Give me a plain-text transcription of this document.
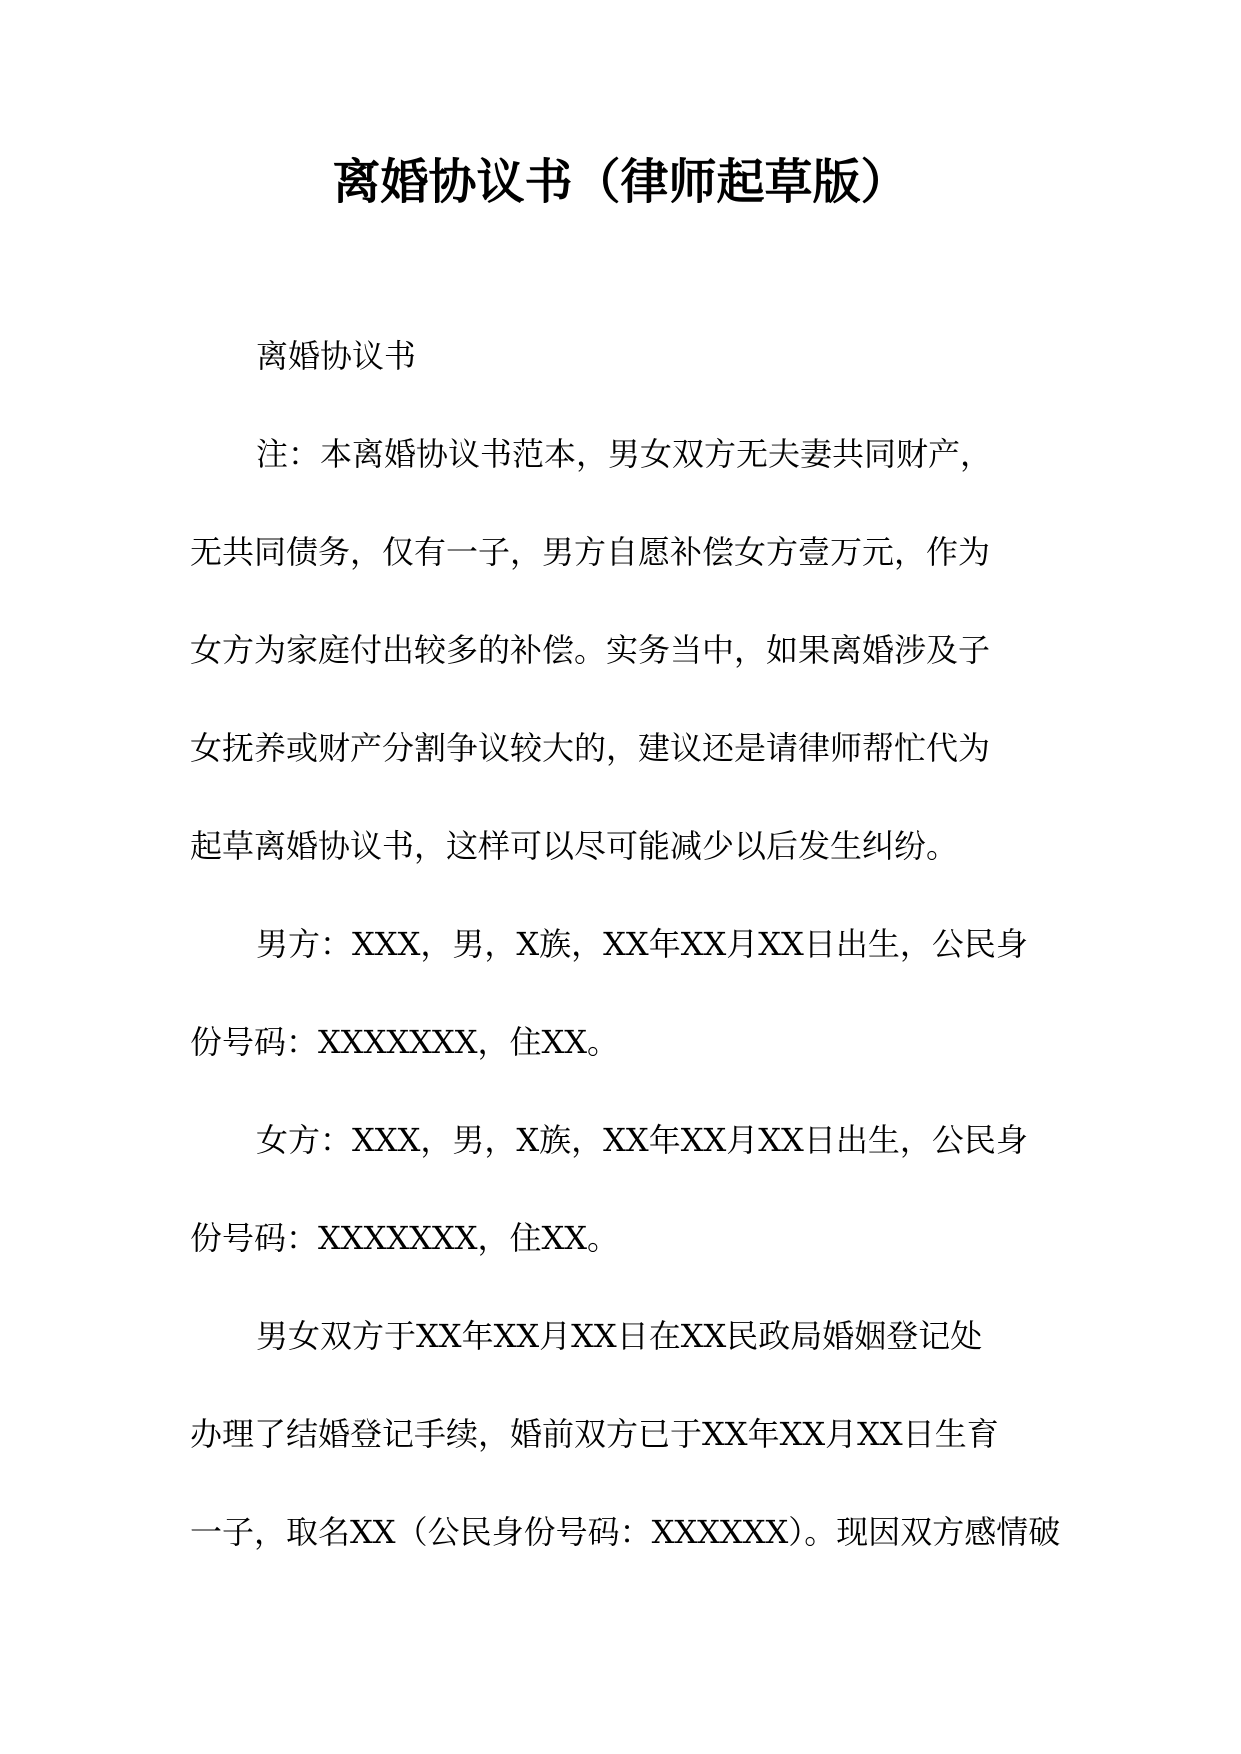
离婚协议书（律师起草版）
离婚协议书
注：本离婚协议书范本，男女双方无夫妻共同财产，
无共同债务，仅有一子，男方自愿补偿女方壹万元，作为
女方为家庭付出较多的补偿。实务当中，如果离婚涉及子
女抚养或财产分割争议较大的，建议还是请律师帮忙代为
起草离婚协议书，这样可以尽可能减少以后发生纠纷。
男方：XXX，男，X族，XX年XX月XX日出生，公民身
份号码：XXXXXXX，住XX。
女方：XXX，男，X族，XX年XX月XX日出生，公民身
份号码：XXXXXXX，住XX。
男女双方于XX年XX月XX日在XX民政局婚姻登记处
办理了结婚登记手续，婚前双方已于XX年XX月XX日生育
一子，取名XX（公民身份号码：XXXXXX）。现因双方感情破
